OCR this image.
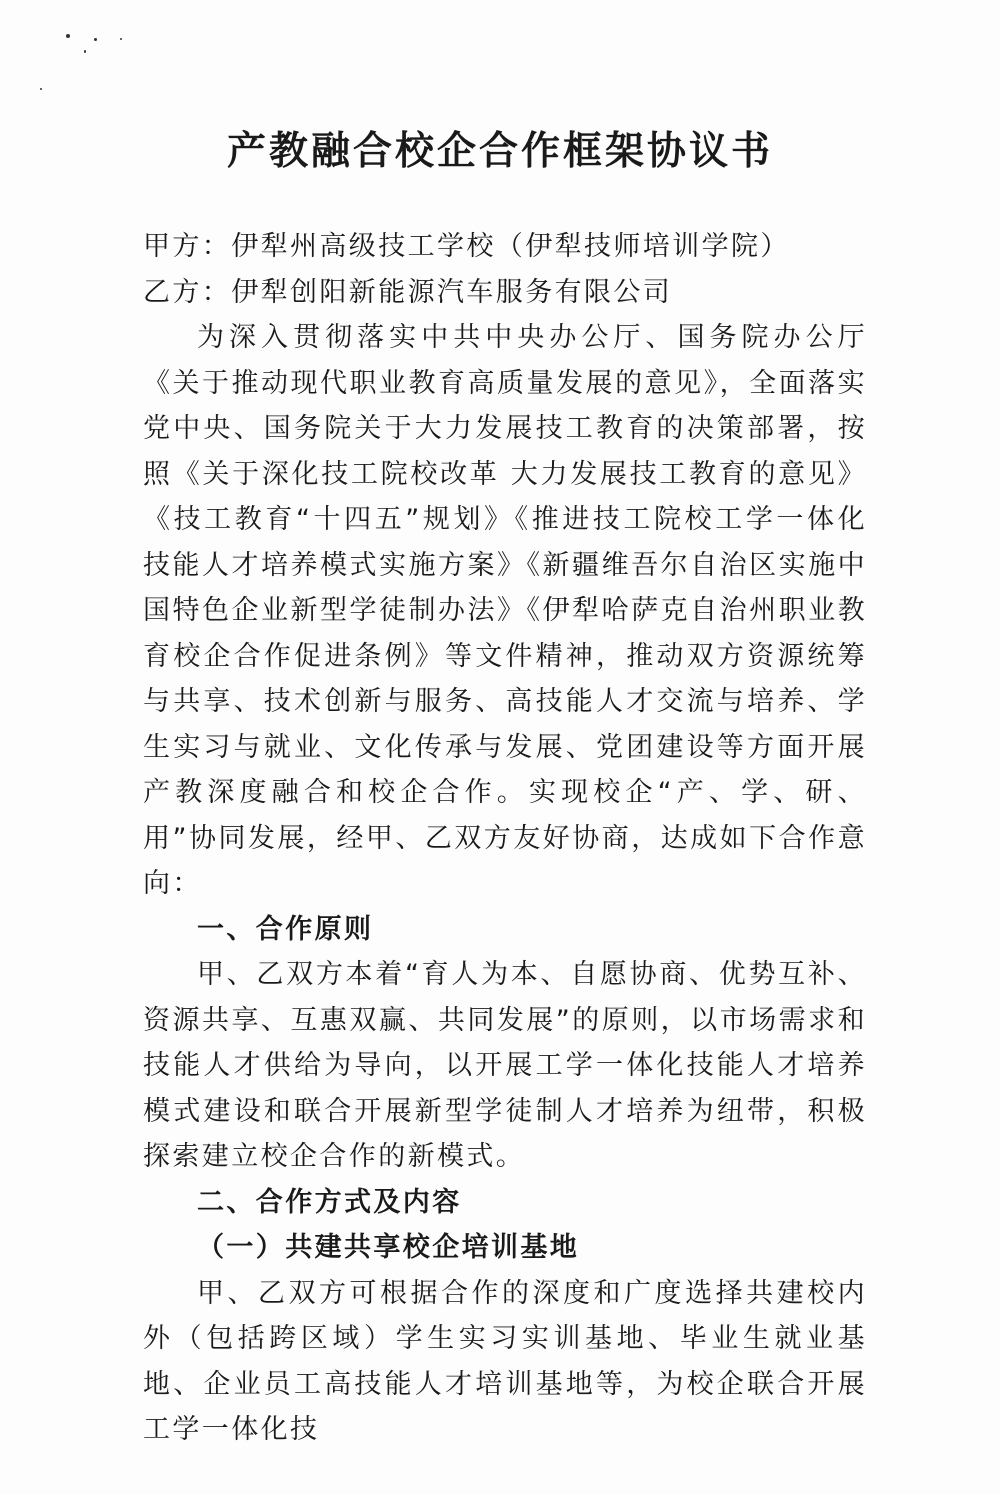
产教融合校企合作框架协议书

甲方：伊犁州高级技工学校（伊犁技师培训学院）

乙方：伊犁创阳新能源汽车服务有限公司

为深入贯彻落实中共中央办公厅、国务院办公厅《关于推动现代职业教育高质量发展的意见》，全面落实党中央、国务院关于大力发展技工教育的决策部署，按照《关于深化技工院校改革 大力发展技工教育的意见》《技工教育“十四五”规划》《推进技工院校工学一体化技能人才培养模式实施方案》《新疆维吾尔自治区实施中国特色企业新型学徒制办法》《伊犁哈萨克自治州职业教育校企合作促进条例》等文件精神，推动双方资源统筹与共享、技术创新与服务、高技能人才交流与培养、学生实习与就业、文化传承与发展、党团建设等方面开展产教深度融合和校企合作。实现校企“产、学、研、用”协同发展，经甲、乙双方友好协商，达成如下合作意向：

一、合作原则

甲、乙双方本着“育人为本、自愿协商、优势互补、资源共享、互惠双赢、共同发展”的原则，以市场需求和技能人才供给为导向，以开展工学一体化技能人才培养模式建设和联合开展新型学徒制人才培养为纽带，积极探索建立校企合作的新模式。

二、合作方式及内容

（一）共建共享校企培训基地

甲、乙双方可根据合作的深度和广度选择共建校内外（包括跨区域）学生实习实训基地、毕业生就业基地、企业员工高技能人才培训基地等，为校企联合开展工学一体化技
